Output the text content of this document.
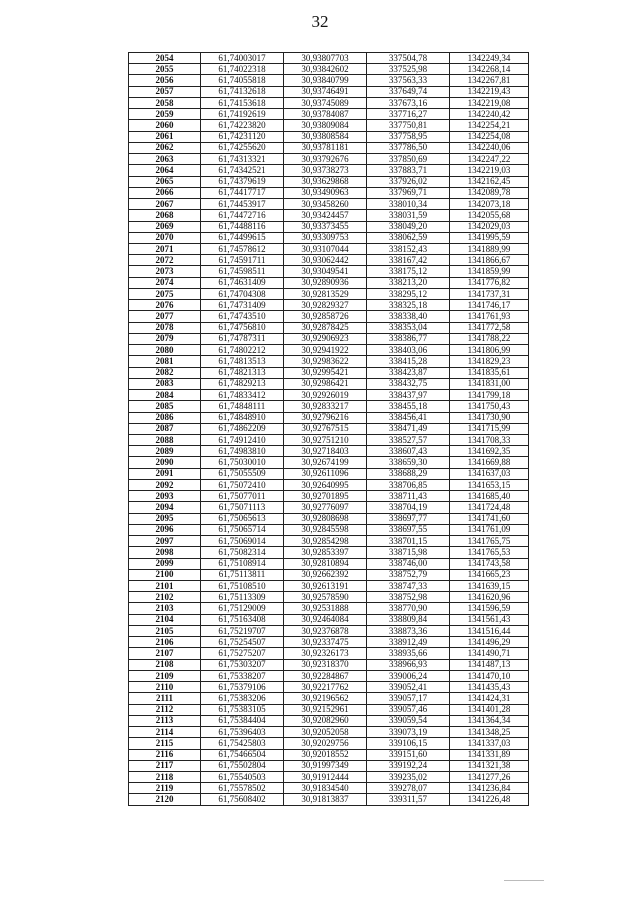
32
2054	61,74003017	30,93807703	337504,78	1342249,34
2055	61,74022318	30,93842602	337525,98	1342268,14
2056	61,74055818	30,93840799	337563,33	1342267,81
2057	61,74132618	30,93746491	337649,74	1342219,43
2058	61,74153618	30,93745089	337673,16	1342219,08
2059	61,74192619	30,93784087	337716,27	1342240,42
2060	61,74223820	30,93809084	337750,81	1342254,21
2061	61,74231120	30,93808584	337758,95	1342254,08
2062	61,74255620	30,93781181	337786,50	1342240,06
2063	61,74313321	30,93792676	337850,69	1342247,22
2064	61,74342521	30,93738273	337883,71	1342219,03
2065	61,74379619	30,93629868	337926,02	1342162,45
2066	61,74417717	30,93490963	337969,71	1342089,78
2067	61,74453917	30,93458260	338010,34	1342073,18
2068	61,74472716	30,93424457	338031,59	1342055,68
2069	61,74488116	30,93373455	338049,20	1342029,03
2070	61,74499615	30,93309753	338062,59	1341995,59
2071	61,74578612	30,93107044	338152,43	1341889,99
2072	61,74591711	30,93062442	338167,42	1341866,67
2073	61,74598511	30,93049541	338175,12	1341859,99
2074	61,74631409	30,92890936	338213,20	1341776,82
2075	61,74704308	30,92813529	338295,12	1341737,31
2076	61,74731409	30,92829327	338325,18	1341746,17
2077	61,74743510	30,92858726	338338,40	1341761,93
2078	61,74756810	30,92878425	338353,04	1341772,58
2079	61,74787311	30,92906923	338386,77	1341788,22
2080	61,74802212	30,92941922	338403,06	1341806,99
2081	61,74813513	30,92983622	338415,28	1341829,23
2082	61,74821313	30,92995421	338423,87	1341835,61
2083	61,74829213	30,92986421	338432,75	1341831,00
2084	61,74833412	30,92926019	338437,97	1341799,18
2085	61,74848111	30,92833217	338455,18	1341750,43
2086	61,74848910	30,92796216	338456,41	1341730,90
2087	61,74862209	30,92767515	338471,49	1341715,99
2088	61,74912410	30,92751210	338527,57	1341708,33
2089	61,74983810	30,92718403	338607,43	1341692,35
2090	61,75030010	30,92674199	338659,30	1341669,88
2091	61,75055509	30,92611096	338688,29	1341637,03
2092	61,75072410	30,92640995	338706,85	1341653,15
2093	61,75077011	30,92701895	338711,43	1341685,40
2094	61,75071113	30,92776097	338704,19	1341724,48
2095	61,75065613	30,92808698	338697,77	1341741,60
2096	61,75065714	30,92845598	338697,55	1341761,09
2097	61,75069014	30,92854298	338701,15	1341765,75
2098	61,75082314	30,92853397	338715,98	1341765,53
2099	61,75108914	30,92810894	338746,00	1341743,58
2100	61,75113811	30,92662392	338752,79	1341665,23
2101	61,75108510	30,92613191	338747,33	1341639,15
2102	61,75113309	30,92578590	338752,98	1341620,96
2103	61,75129009	30,92531888	338770,90	1341596,59
2104	61,75163408	30,92464084	338809,84	1341561,43
2105	61,75219707	30,92376878	338873,36	1341516,44
2106	61,75254507	30,92337475	338912,49	1341496,29
2107	61,75275207	30,92326173	338935,66	1341490,71
2108	61,75303207	30,92318370	338966,93	1341487,13
2109	61,75338207	30,92284867	339006,24	1341470,10
2110	61,75379106	30,92217762	339052,41	1341435,43
2111	61,75383206	30,92196562	339057,17	1341424,31
2112	61,75383105	30,92152961	339057,46	1341401,28
2113	61,75384404	30,92082960	339059,54	1341364,34
2114	61,75396403	30,92052058	339073,19	1341348,25
2115	61,75425803	30,92029756	339106,15	1341337,03
2116	61,75466504	30,92018552	339151,60	1341331,89
2117	61,75502804	30,91997349	339192,24	1341321,38
2118	61,75540503	30,91912444	339235,02	1341277,26
2119	61,75578502	30,91834540	339278,07	1341236,84
2120	61,75608402	30,91813837	339311,57	1341226,48
